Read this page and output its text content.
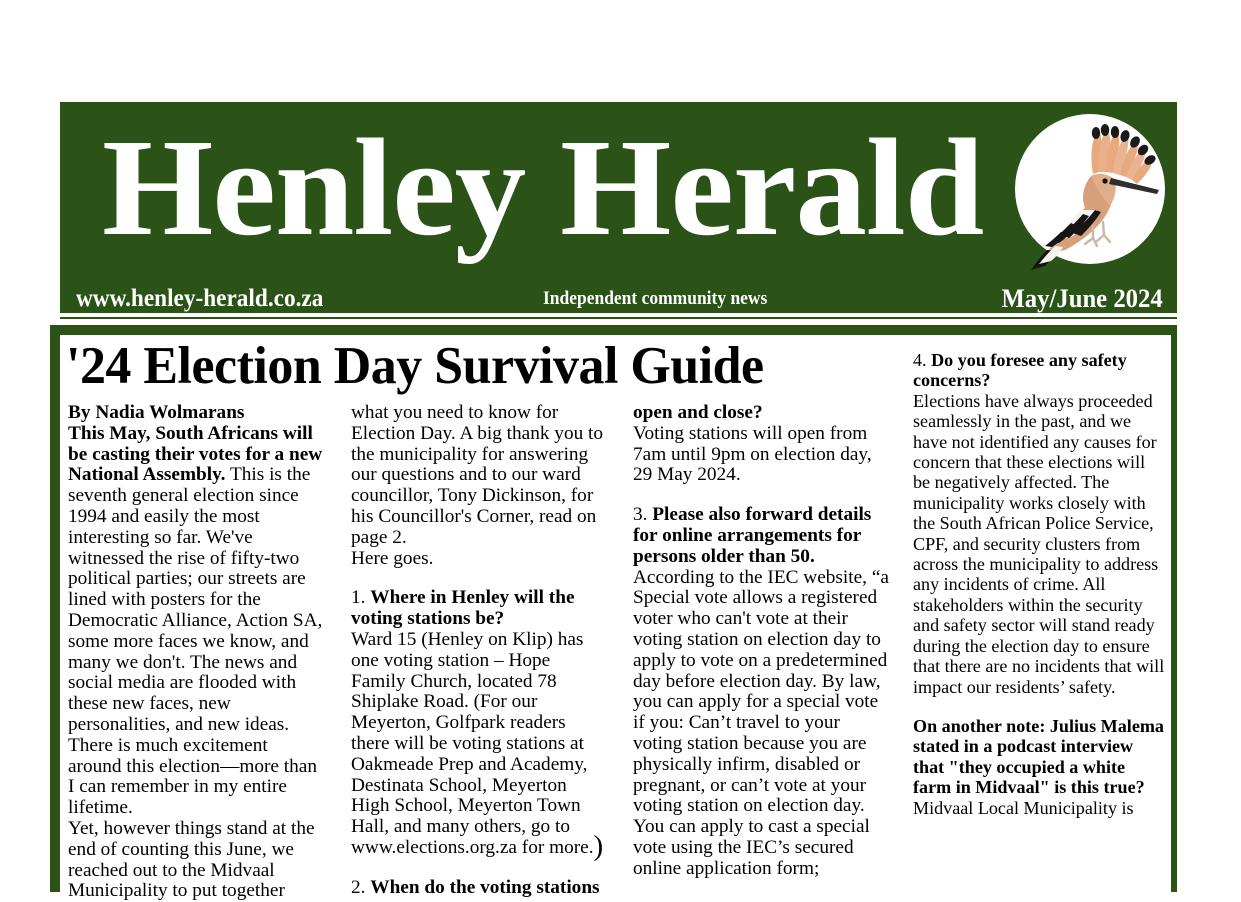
Henley Herald
www.henley-herald.co.za	Independent community news	May/June 2024
'24 Election Day Survival Guide

By Nadia Wolmarans

This May, South Africans will be casting their votes for a new National Assembly. This is the seventh general election since 1994 and easily the most interesting so far. We've witnessed the rise of fifty-two political parties; our streets are lined with posters for the Democratic Alliance, Action SA, some more faces we know, and many we don't. The news and social media are flooded with these new faces, new personalities, and new ideas. There is much excitement around this election—more than I can remember in my entire lifetime.

Yet, however things stand at the end of counting this June, we reached out to the Midvaal Municipality to put together

what you need to know for Election Day. A big thank you to the municipality for answering our questions and to our ward councillor, Tony Dickinson, for his Councillor's Corner, read on page 2.

Here goes.

1. Where in Henley will the voting stations be?

Ward 15 (Henley on Klip) has one voting station – Hope Family Church, located 78 Shiplake Road. (For our Meyerton, Golfpark readers there will be voting stations at Oakmeade Prep and Academy, Destinata School, Meyerton High School, Meyerton Town Hall, and many others, go to www.elections.org.za for more.)

2. When do the voting stations

open and close?

Voting stations will open from 7am until 9pm on election day, 29 May 2024.

3. Please also forward details for online arrangements for persons older than 50.

According to the IEC website, “a Special vote allows a registered voter who can't vote at their voting station on election day to apply to vote on a predetermined day before election day. By law, you can apply for a special vote if you: Can’t travel to your voting station because you are physically infirm, disabled or pregnant, or can’t vote at your voting station on election day. You can apply to cast a special vote using the IEC’s secured online application form;

4. Do you foresee any safety concerns?

Elections have always proceeded seamlessly in the past, and we have not identified any causes for concern that these elections will be negatively affected. The municipality works closely with the South African Police Service, CPF, and security clusters from across the municipality to address any incidents of crime. All stakeholders within the security and safety sector will stand ready during the election day to ensure that there are no incidents that will impact our residents’ safety.

On another note: Julius Malema stated in a podcast interview that "they occupied a white farm in Midvaal" is this true?

Midvaal Local Municipality is
